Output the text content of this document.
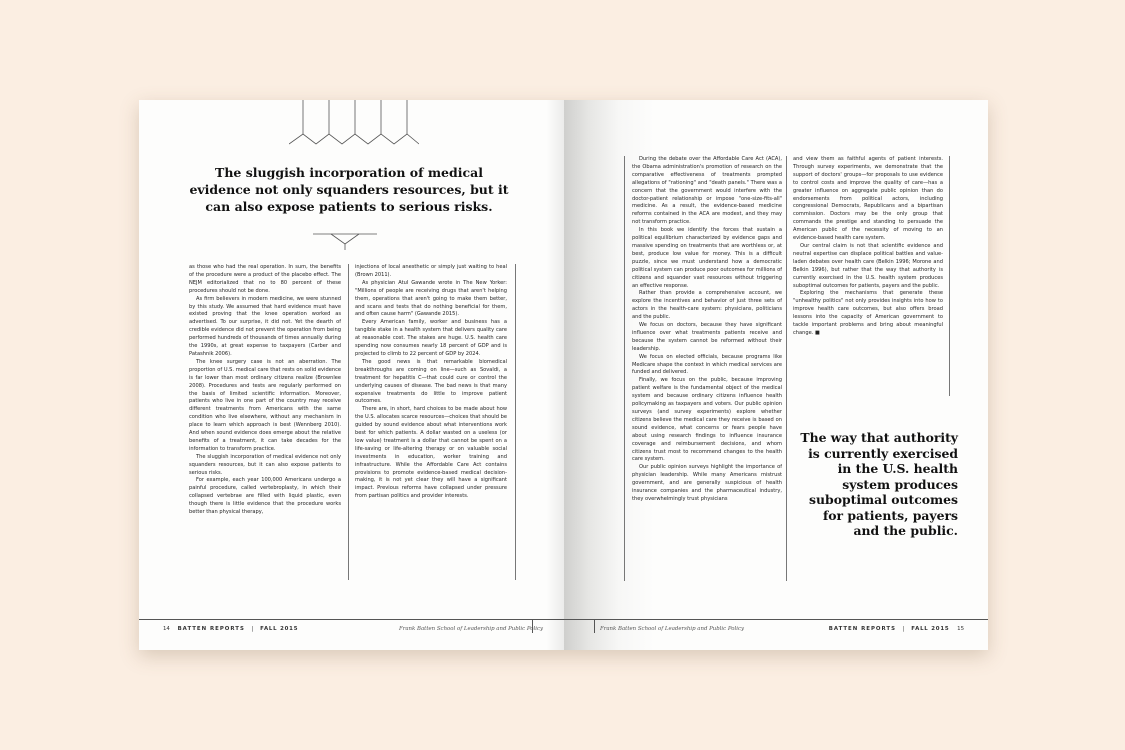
The sluggish incorporation of medical evidence not only squanders resources, but it can also expose patients to serious risks.

as those who had the real operation. In sum, the benefits of the procedure were a product of the placebo effect. The NEJM editorialized that no to 80 percent of these procedures should not be done.

As firm believers in modern medicine, we were stunned by this study. We assumed that hard evidence must have existed proving that the knee operation worked as advertised. To our surprise, it did not. Yet the dearth of credible evidence did not prevent the operation from being performed hundreds of thousands of times annually during the 1990s, at great expense to taxpayers (Carber and Patashnik 2006).

The knee surgery case is not an aberration. The proportion of U.S. medical care that rests on solid evidence is far lower than most ordinary citizens realize (Brownlee 2008). Procedures and tests are regularly performed on the basis of limited scientific information. Moreover, patients who live in one part of the country may receive different treatments from Americans with the same condition who live elsewhere, without any mechanism in place to learn which approach is best (Wennberg 2010). And when sound evidence does emerge about the relative benefits of a treatment, it can take decades for the information to transform practice.

The sluggish incorporation of medical evidence not only squanders resources, but it can also expose patients to serious risks.

For example, each year 100,000 Americans undergo a painful procedure, called vertebroplasty, in which their collapsed vertebrae are filled with liquid plastic, even though there is little evidence that the procedure works better than physical therapy,

injections of local anesthetic or simply just waiting to heal (Brown 2011).

As physician Atul Gawande wrote in The New Yorker: "Millions of people are receiving drugs that aren't helping them, operations that aren't going to make them better, and scans and tests that do nothing beneficial for them, and often cause harm" (Gawande 2015).

Every American family, worker and business has a tangible stake in a health system that delivers quality care at reasonable cost. The stakes are huge. U.S. health care spending now consumes nearly 18 percent of GDP and is projected to climb to 22 percent of GDP by 2024.

The good news is that remarkable biomedical breakthroughs are coming on line—such as Sovaldi, a treatment for hepatitis C—that could cure or control the underlying causes of disease. The bad news is that many expensive treatments do little to improve patient outcomes.

There are, in short, hard choices to be made about how the U.S. allocates scarce resources—choices that should be guided by sound evidence about what interventions work best for which patients. A dollar wasted on a useless (or low value) treatment is a dollar that cannot be spent on a life-saving or life-altering therapy or on valuable social investments in education, worker training and infrastructure. While the Affordable Care Act contains provisions to promote evidence-based medical decision-making, it is not yet clear they will have a significant impact. Previous reforms have collapsed under pressure from partisan politics and provider interests.

14 BATTEN REPORTS | FALL 2015	Frank Batten School of Leadership and Public Policy

During the debate over the Affordable Care Act (ACA), the Obama administration's promotion of research on the comparative effectiveness of treatments prompted allegations of "rationing" and "death panels." There was a concern that the government would interfere with the doctor-patient relationship or impose "one-size-fits-all" medicine. As a result, the evidence-based medicine reforms contained in the ACA are modest, and they may not transform practice.

In this book we identify the forces that sustain a political equilibrium characterized by evidence gaps and massive spending on treatments that are worthless or, at best, produce low value for money. This is a difficult puzzle, since we must understand how a democratic political system can produce poor outcomes for millions of citizens and squander vast resources without triggering an effective response.

Rather than provide a comprehensive account, we explore the incentives and behavior of just three sets of actors in the health-care system: physicians, politicians and the public.

We focus on doctors, because they have significant influence over what treatments patients receive and because the system cannot be reformed without their leadership.

We focus on elected officials, because programs like Medicare shape the context in which medical services are funded and delivered.

Finally, we focus on the public, because improving patient welfare is the fundamental object of the medical system and because ordinary citizens influence health policymaking as taxpayers and voters. Our public opinion surveys (and survey experiments) explore whether citizens believe the medical care they receive is based on sound evidence, what concerns or fears people have about using research findings to influence insurance coverage and reimbursement decisions, and whom citizens trust most to recommend changes to the health care system.

Our public opinion surveys highlight the importance of physician leadership. While many Americans mistrust government, and are generally suspicious of health insurance companies and the pharmaceutical industry, they overwhelmingly trust physicians

and view them as faithful agents of patient interests. Through survey experiments, we demonstrate that the support of doctors' groups—for proposals to use evidence to control costs and improve the quality of care—has a greater influence on aggregate public opinion than do endorsements from political actors, including congressional Democrats, Republicans and a bipartisan commission. Doctors may be the only group that commands the prestige and standing to persuade the American public of the necessity of moving to an evidence-based health care system.

Our central claim is not that scientific evidence and neutral expertise can displace political battles and value-laden debates over health care (Belkin 1996; Morone and Belkin 1996), but rather that the way that authority is currently exercised in the U.S. health system produces suboptimal outcomes for patients, payers and the public.

Exploring the mechanisms that generate these "unhealthy politics" not only provides insights into how to improve health care outcomes, but also offers broad lessons into the capacity of American government to tackle important problems and bring about meaningful change. ■

The way that authority is currently exercised in the U.S. health system produces suboptimal outcomes for patients, payers and the public.
Frank Batten School of Leadership and Public Policy	BATTEN REPORTS | FALL 2015 15
